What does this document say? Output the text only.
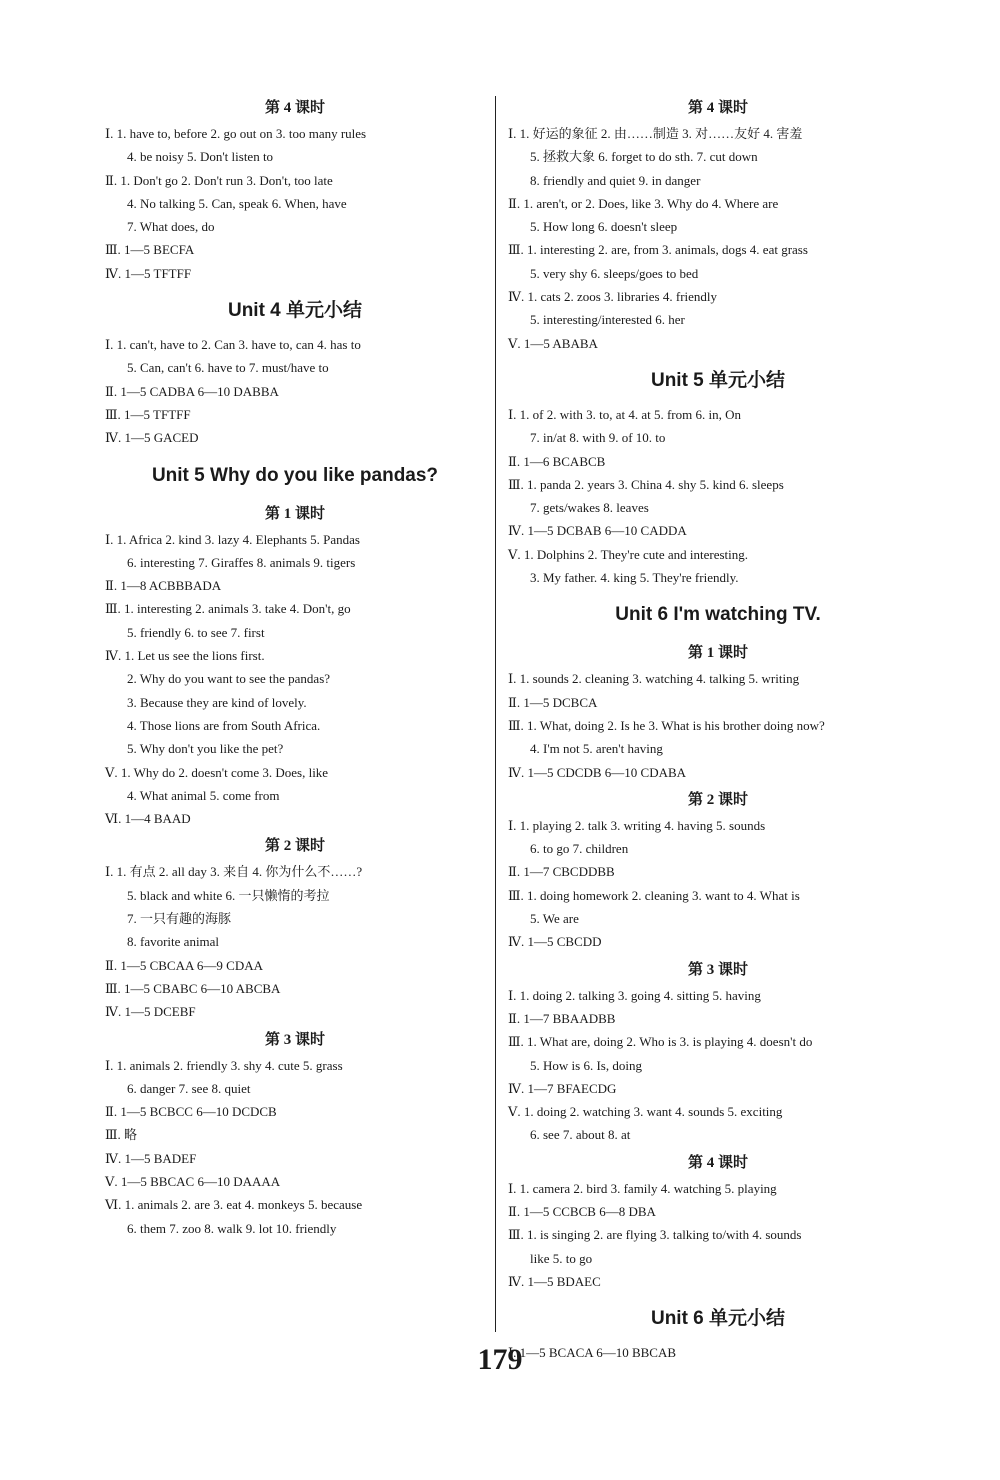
第 4 课时
Ⅰ. 1. have to, before 2. go out on 3. too many rules
4. be noisy 5. Don't listen to
Ⅱ. 1. Don't go 2. Don't run 3. Don't, too late
4. No talking 5. Can, speak 6. When, have
7. What does, do
Ⅲ. 1—5 BECFA
Ⅳ. 1—5 TFTFF
Unit 4 单元小结
Ⅰ. 1. can't, have to 2. Can 3. have to, can 4. has to
5. Can, can't 6. have to 7. must/have to
Ⅱ. 1—5 CADBA 6—10 DABBA
Ⅲ. 1—5 TFTFF
Ⅳ. 1—5 GACED
Unit 5 Why do you like pandas?
第 1 课时
Ⅰ. 1. Africa 2. kind 3. lazy 4. Elephants 5. Pandas
6. interesting 7. Giraffes 8. animals 9. tigers
Ⅱ. 1—8 ACBBBADA
Ⅲ. 1. interesting 2. animals 3. take 4. Don't, go
5. friendly 6. to see 7. first
Ⅳ. 1. Let us see the lions first.
2. Why do you want to see the pandas?
3. Because they are kind of lovely.
4. Those lions are from South Africa.
5. Why don't you like the pet?
Ⅴ. 1. Why do 2. doesn't come 3. Does, like
4. What animal 5. come from
Ⅵ. 1—4 BAAD
第 2 课时
Ⅰ. 1. 有点 2. all day 3. 来自 4. 你为什么不……?
5. black and white 6. 一只懒惰的考拉
7. 一只有趣的海豚
8. favorite animal
Ⅱ. 1—5 CBCAA 6—9 CDAA
Ⅲ. 1—5 CBABC 6—10 ABCBA
Ⅳ. 1—5 DCEBF
第 3 课时
Ⅰ. 1. animals 2. friendly 3. shy 4. cute 5. grass
6. danger 7. see 8. quiet
Ⅱ. 1—5 BCBCC 6—10 DCDCB
Ⅲ. 略
Ⅳ. 1—5 BADEF
Ⅴ. 1—5 BBCAC 6—10 DAAAA
Ⅵ. 1. animals 2. are 3. eat 4. monkeys 5. because
6. them 7. zoo 8. walk 9. lot 10. friendly
第 4 课时
Ⅰ. 1. 好运的象征 2. 由……制造 3. 对……友好 4. 害羞
5. 拯救大象 6. forget to do sth. 7. cut down
8. friendly and quiet 9. in danger
Ⅱ. 1. aren't, or 2. Does, like 3. Why do 4. Where are
5. How long 6. doesn't sleep
Ⅲ. 1. interesting 2. are, from 3. animals, dogs 4. eat grass
5. very shy 6. sleeps/goes to bed
Ⅳ. 1. cats 2. zoos 3. libraries 4. friendly
5. interesting/interested 6. her
Ⅴ. 1—5 ABABA
Unit 5 单元小结
Ⅰ. 1. of 2. with 3. to, at 4. at 5. from 6. in, On
7. in/at 8. with 9. of 10. to
Ⅱ. 1—6 BCABCB
Ⅲ. 1. panda 2. years 3. China 4. shy 5. kind 6. sleeps
7. gets/wakes 8. leaves
Ⅳ. 1—5 DCBAB 6—10 CADDA
Ⅴ. 1. Dolphins 2. They're cute and interesting.
3. My father. 4. king 5. They're friendly.
Unit 6 I'm watching TV.
第 1 课时
Ⅰ. 1. sounds 2. cleaning 3. watching 4. talking 5. writing
Ⅱ. 1—5 DCBCA
Ⅲ. 1. What, doing 2. Is he 3. What is his brother doing now?
4. I'm not 5. aren't having
Ⅳ. 1—5 CDCDB 6—10 CDABA
第 2 课时
Ⅰ. 1. playing 2. talk 3. writing 4. having 5. sounds
6. to go 7. children
Ⅱ. 1—7 CBCDDBB
Ⅲ. 1. doing homework 2. cleaning 3. want to 4. What is
5. We are
Ⅳ. 1—5 CBCDD
第 3 课时
Ⅰ. 1. doing 2. talking 3. going 4. sitting 5. having
Ⅱ. 1—7 BBAADBB
Ⅲ. 1. What are, doing 2. Who is 3. is playing 4. doesn't do
5. How is 6. Is, doing
Ⅳ. 1—7 BFAECDG
Ⅴ. 1. doing 2. watching 3. want 4. sounds 5. exciting
6. see 7. about 8. at
第 4 课时
Ⅰ. 1. camera 2. bird 3. family 4. watching 5. playing
Ⅱ. 1—5 CCBCB 6—8 DBA
Ⅲ. 1. is singing 2. are flying 3. talking to/with 4. sounds
like 5. to go
Ⅳ. 1—5 BDAEC
Unit 6 单元小结
Ⅰ. 1—5 BCACA 6—10 BBCAB
179
